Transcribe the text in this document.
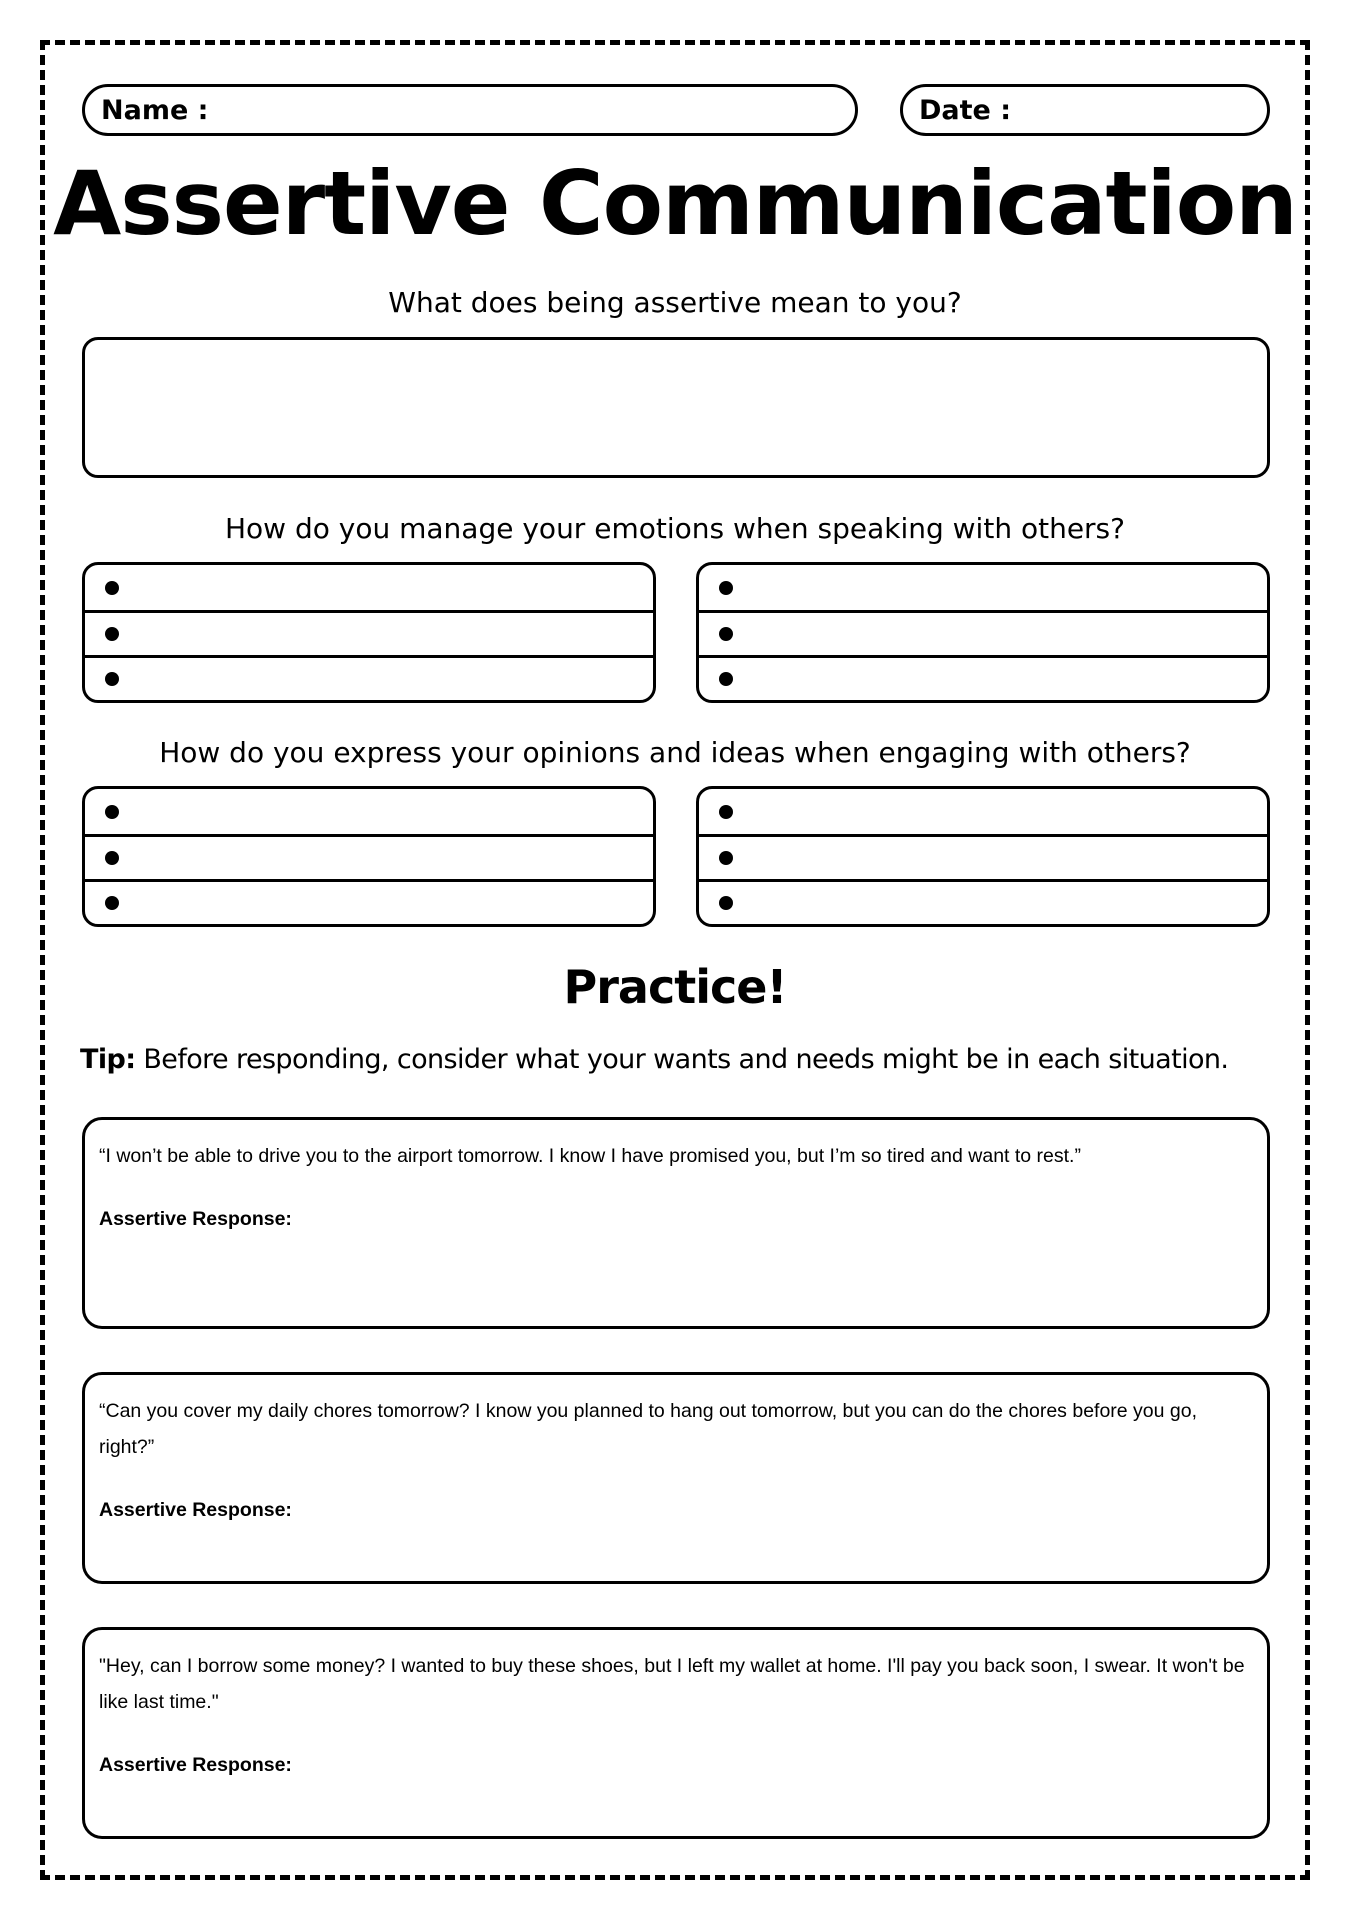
Name :	Date :
Assertive Communication
What does being assertive mean to you?
How do you manage your emotions when speaking with others?
How do you express your opinions and ideas when engaging with others?
Practice!
Tip: Before responding, consider what your wants and needs might be in each situation.

“I won’t be able to drive you to the airport tomorrow. I know I have promised you, but I’m so tired and want to rest.”

Assertive Response:

“Can you cover my daily chores tomorrow? I know you planned to hang out tomorrow, but you can do the chores before you go, right?”

Assertive Response:

"Hey, can I borrow some money? I wanted to buy these shoes, but I left my wallet at home. I'll pay you back soon, I swear. It won't be like last time."

Assertive Response:
